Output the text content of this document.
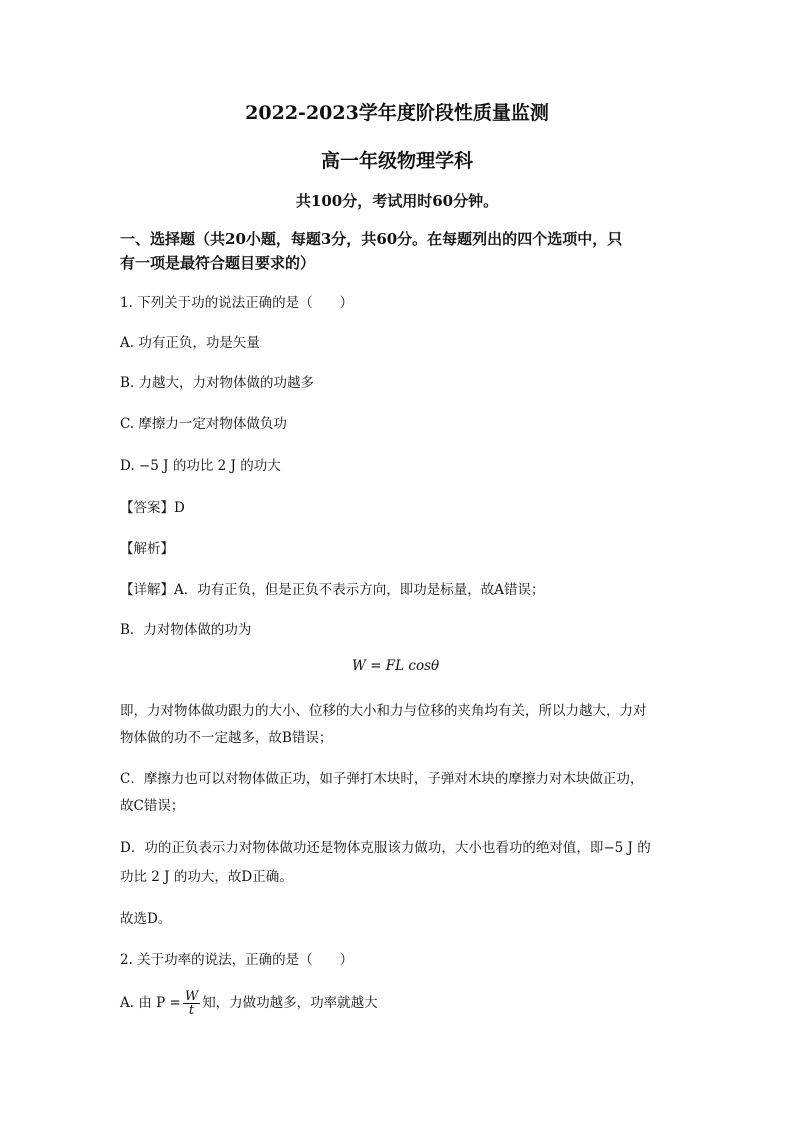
2022-2023学年度阶段性质量监测
高一年级物理学科
共100分，考试用时60分钟。
一、选择题（共20小题，每题3分，共60分。在每题列出的四个选项中，只
有一项是最符合题目要求的）
1. 下列关于功的说法正确的是（　　）
A. 功有正负，功是矢量
B. 力越大，力对物体做的功越多
C. 摩擦力一定对物体做负功
D. −5 J 的功比 2 J 的功大
【答案】D
【解析】
【详解】A．功有正负，但是正负不表示方向，即功是标量，故A错误；
B．力对物体做的功为
W = FL cosθ
即，力对物体做功跟力的大小、位移的大小和力与位移的夹角均有关，所以力越大，力对
物体做的功不一定越多，故B错误；
C．摩擦力也可以对物体做正功，如子弹打木块时，子弹对木块的摩擦力对木块做正功，
故C错误；
D．功的正负表示力对物体做功还是物体克服该力做功，大小也看功的绝对值，即−5 J 的
功比 2 J 的功大，故D正确。
故选D。
2. 关于功率的说法，正确的是（　　）
A. 由 $P = \frac{W}{t}$ 知，力做功越多，功率就越大
